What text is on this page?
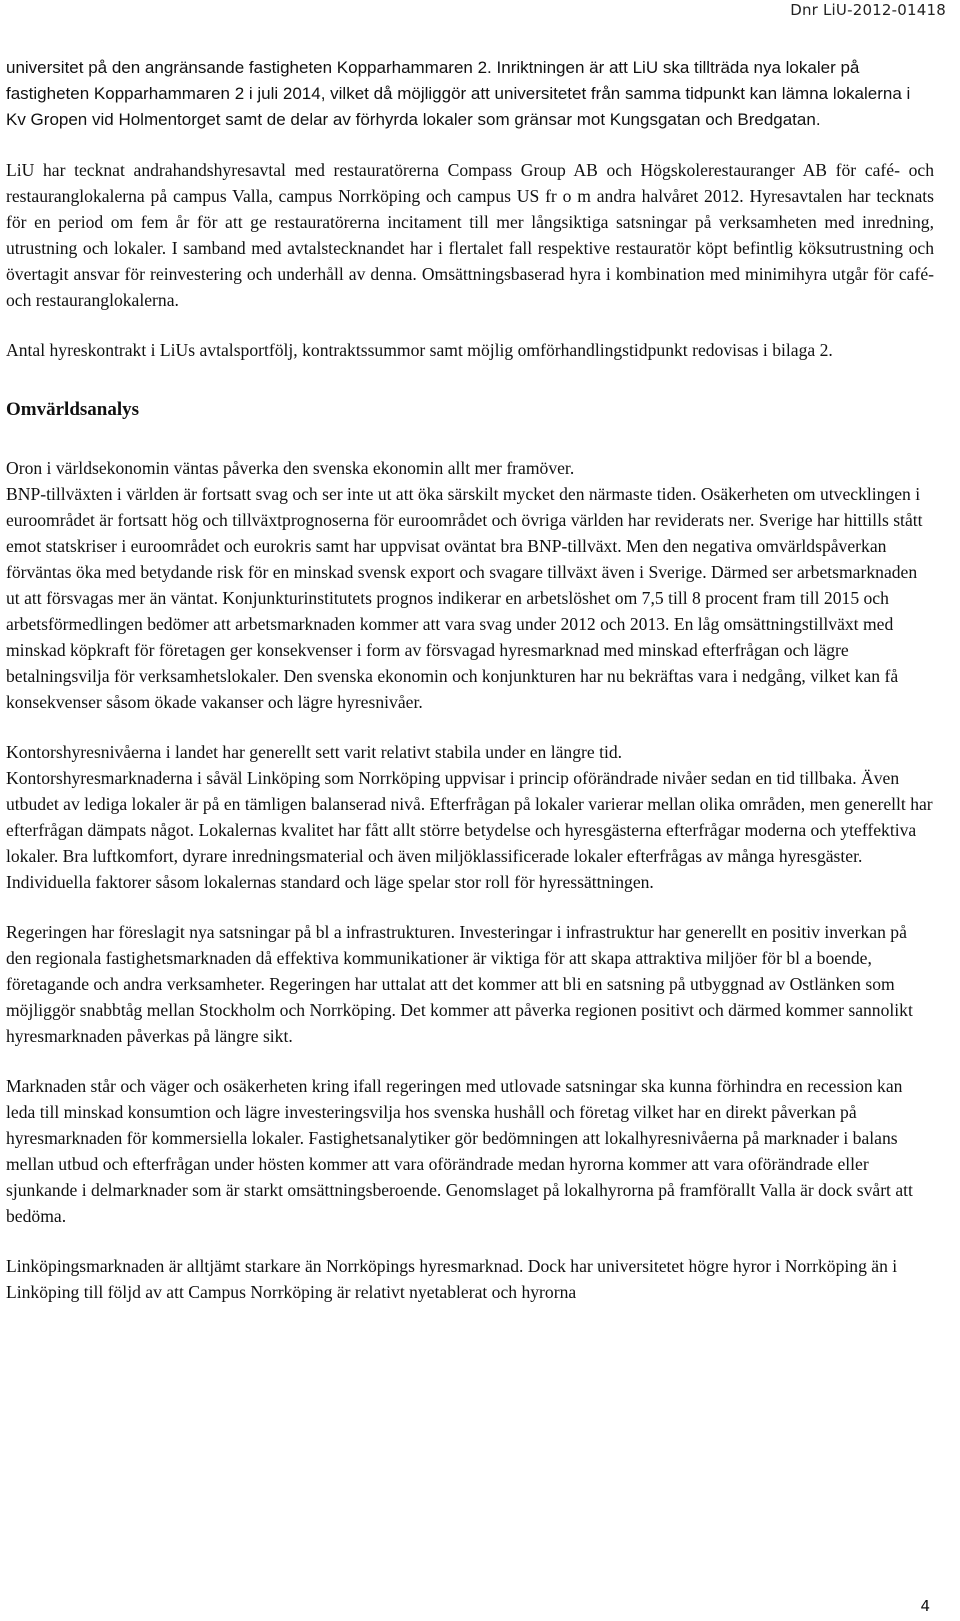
Dnr LiU-2012-01418

universitet på den angränsande fastigheten Kopparhammaren 2. Inriktningen är att LiU ska tillträda nya lokaler på fastigheten Kopparhammaren 2 i juli 2014, vilket då möjliggör att universitetet från samma tidpunkt kan lämna lokalerna i Kv Gropen vid Holmentorget samt de delar av förhyrda lokaler som gränsar mot Kungsgatan och Bredgatan.

LiU har tecknat andrahandshyresavtal med restauratörerna Compass Group AB och Högskolerestauranger AB för café- och restauranglokalerna på campus Valla, campus Norrköping och campus US fr o m andra halvåret 2012. Hyresavtalen har tecknats för en period om fem år för att ge restauratörerna incitament till mer långsiktiga satsningar på verksamheten med inredning, utrustning och lokaler. I samband med avtalstecknandet har i flertalet fall respektive restauratör köpt befintlig köksutrustning och övertagit ansvar för reinvestering och underhåll av denna. Omsättningsbaserad hyra i kombination med minimihyra utgår för café- och restauranglokalerna.

Antal hyreskontrakt i LiUs avtalsportfölj, kontraktssummor samt möjlig omförhandlingstidpunkt redovisas i bilaga 2.

Omvärldsanalys

Oron i världsekonomin väntas påverka den svenska ekonomin allt mer framöver.
BNP-tillväxten i världen är fortsatt svag och ser inte ut att öka särskilt mycket den närmaste tiden. Osäkerheten om utvecklingen i euroområdet är fortsatt hög och tillväxtprognoserna för euroområdet och övriga världen har reviderats ner. Sverige har hittills stått emot statskriser i euroområdet och eurokris samt har uppvisat oväntat bra BNP-tillväxt. Men den negativa omvärldspåverkan förväntas öka med betydande risk för en minskad svensk export och svagare tillväxt även i Sverige. Därmed ser arbetsmarknaden ut att försvagas mer än väntat. Konjunkturinstitutets prognos indikerar en arbetslöshet om 7,5 till 8 procent fram till 2015 och arbetsförmedlingen bedömer att arbetsmarknaden kommer att vara svag under 2012 och 2013. En låg omsättningstillväxt med minskad köpkraft för företagen ger konsekvenser i form av försvagad hyresmarknad med minskad efterfrågan och lägre betalningsvilja för verksamhetslokaler. Den svenska ekonomin och konjunkturen har nu bekräftas vara i nedgång, vilket kan få konsekvenser såsom ökade vakanser och lägre hyresnivåer.

Kontorshyresnivåerna i landet har generellt sett varit relativt stabila under en längre tid.
Kontorshyresmarknaderna i såväl Linköping som Norrköping uppvisar i princip oförändrade nivåer sedan en tid tillbaka. Även utbudet av lediga lokaler är på en tämligen balanserad nivå. Efterfrågan på lokaler varierar mellan olika områden, men generellt har efterfrågan dämpats något. Lokalernas kvalitet har fått allt större betydelse och hyresgästerna efterfrågar moderna och yteffektiva lokaler. Bra luftkomfort, dyrare inredningsmaterial och även miljöklassificerade lokaler efterfrågas av många hyresgäster. Individuella faktorer såsom lokalernas standard och läge spelar stor roll för hyressättningen.

Regeringen har föreslagit nya satsningar på bl a infrastrukturen. Investeringar i infrastruktur har generellt en positiv inverkan på den regionala fastighetsmarknaden då effektiva kommunikationer är viktiga för att skapa attraktiva miljöer för bl a boende, företagande och andra verksamheter. Regeringen har uttalat att det kommer att bli en satsning på utbyggnad av Ostlänken som möjliggör snabbtåg mellan Stockholm och Norrköping. Det kommer att påverka regionen positivt och därmed kommer sannolikt hyresmarknaden påverkas på längre sikt.

Marknaden står och väger och osäkerheten kring ifall regeringen med utlovade satsningar ska kunna förhindra en recession kan leda till minskad konsumtion och lägre investeringsvilja hos svenska hushåll och företag vilket har en direkt påverkan på hyresmarknaden för kommersiella lokaler. Fastighetsanalytiker gör bedömningen att lokalhyresnivåerna på marknader i balans mellan utbud och efterfrågan under hösten kommer att vara oförändrade medan hyrorna kommer att vara oförändrade eller sjunkande i delmarknader som är starkt omsättningsberoende. Genomslaget på lokalhyrorna på framförallt Valla är dock svårt att bedöma.

Linköpingsmarknaden är alltjämt starkare än Norrköpings hyresmarknad. Dock har universitetet högre hyror i Norrköping än i Linköping till följd av att Campus Norrköping är relativt nyetablerat och hyrorna

4
